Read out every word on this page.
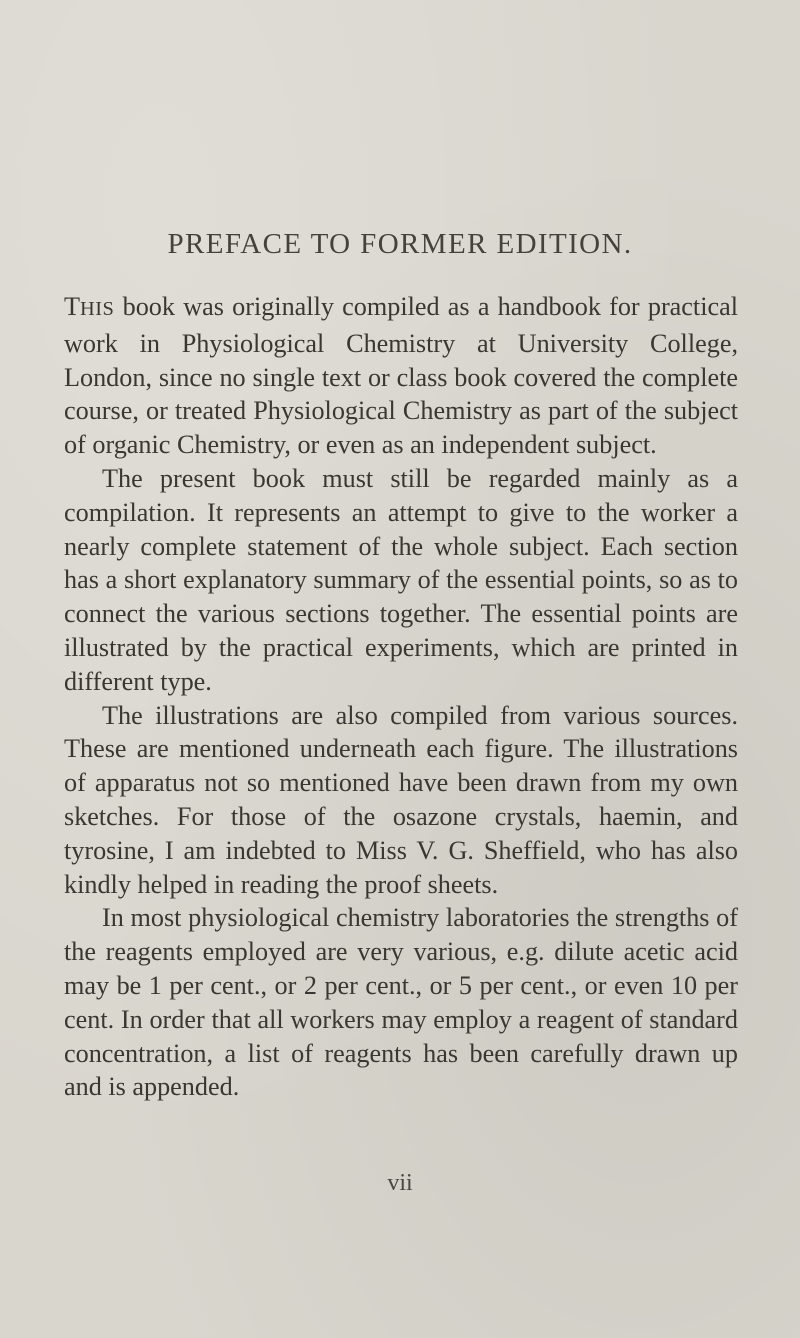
PREFACE TO FORMER EDITION.

THIS book was originally compiled as a handbook for practical work in Physiological Chemistry at University College, London, since no single text or class book covered the complete course, or treated Physiological Chemistry as part of the subject of organic Chemistry, or even as an independent subject.

The present book must still be regarded mainly as a compilation. It represents an attempt to give to the worker a nearly complete statement of the whole subject. Each section has a short explanatory summary of the essential points, so as to connect the various sections together. The essential points are illustrated by the practical experiments, which are printed in different type.

The illustrations are also compiled from various sources. These are mentioned underneath each figure. The illustrations of apparatus not so mentioned have been drawn from my own sketches. For those of the osazone crystals, haemin, and tyrosine, I am indebted to Miss V. G. Sheffield, who has also kindly helped in reading the proof sheets.

In most physiological chemistry laboratories the strengths of the reagents employed are very various, e.g. dilute acetic acid may be 1 per cent., or 2 per cent., or 5 per cent., or even 10 per cent. In order that all workers may employ a reagent of standard concentration, a list of reagents has been carefully drawn up and is appended.

vii
